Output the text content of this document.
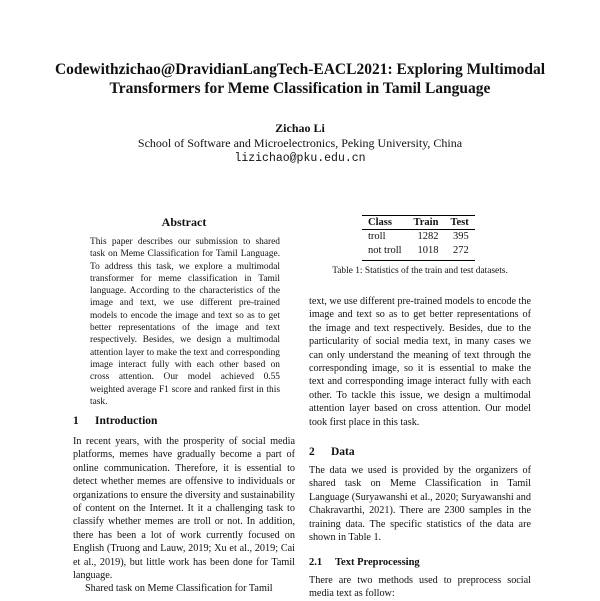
Codewithzichao@DravidianLangTech-EACL2021: Exploring Multimodal
Transformers for Meme Classification in Tamil Language
Zichao Li
School of Software and Microelectronics, Peking University, China
lizichao@pku.edu.cn
Abstract

This paper describes our submission to shared task on Meme Classification for Tamil Language. To address this task, we explore a multimodal transformer for meme classification in Tamil language. According to the characteristics of the image and text, we use different pre-trained models to encode the image and text so as to get better representations of the image and text respectively. Besides, we design a multimodal attention layer to make the text and corresponding image interact fully with each other based on cross attention. Our model achieved 0.55 weighted average F1 score and ranked first in this task.

1 Introduction

In recent years, with the prosperity of social media platforms, memes have gradually become a part of online communication. Therefore, it is essential to detect whether memes are offensive to individuals or organizations to ensure the diversity and sustainability of content on the Internet. It it a challenging task to classify whether memes are troll or not. In addition, there has been a lot of work currently focused on English (Truong and Lauw, 2019; Xu et al., 2019; Cai et al., 2019), but little work has been done for Tamil language.

Shared task on Meme Classification for Tamil

Class	Train	Test
troll	1282	395
not troll	1018	272
Table 1: Statistics of the train and test datasets.

text, we use different pre-trained models to encode the image and text so as to get better representations of the image and text respectively. Besides, due to the particularity of social media text, in many cases we can only understand the meaning of text through the corresponding image, so it is essential to make the text and corresponding image interact fully with each other. To tackle this issue, we design a multimodal attention layer based on cross attention. Our model took first place in this task.

2 Data

The data we used is provided by the organizers of shared task on Meme Classification in Tamil Language (Suryawanshi et al., 2020; Suryawanshi and Chakravarthi, 2021). There are 2300 samples in the training data. The specific statistics of the data are shown in Table 1.

2.1 Text Preprocessing

There are two methods used to preprocess social media text as follow:
